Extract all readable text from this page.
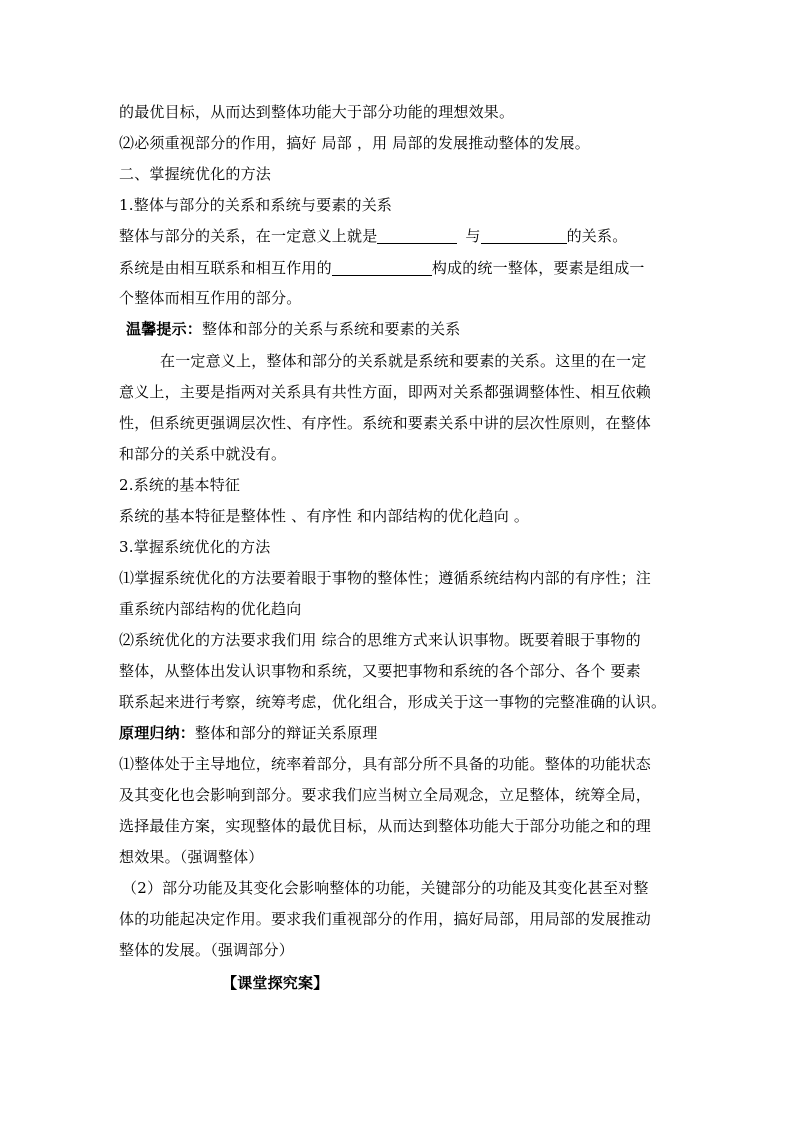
的最优目标，从而达到整体功能大于部分功能的理想效果。
⑵必须重视部分的作用，搞好 局部 ，用 局部的发展推动整体的发展。
二、掌握统优化的方法
1.整体与部分的关系和系统与要素的关系
整体与部分的关系，在一定意义上就是	与	的关系。
系统是由相互联系和相互作用的	构成的统一整体，要素是组成一
个整体而相互作用的部分。
温馨提示：整体和部分的关系与系统和要素的关系
在一定意义上，整体和部分的关系就是系统和要素的关系。这里的在一定
意义上，主要是指两对关系具有共性方面，即两对关系都强调整体性、相互依赖
性，但系统更强调层次性、有序性。系统和要素关系中讲的层次性原则，在整体
和部分的关系中就没有。
2.系统的基本特征
系统的基本特征是整体性 、有序性 和内部结构的优化趋向 。
3.掌握系统优化的方法
⑴掌握系统优化的方法要着眼于事物的整体性；遵循系统结构内部的有序性；注
重系统内部结构的优化趋向
⑵系统优化的方法要求我们用 综合的思维方式来认识事物。既要着眼于事物的
整体，从整体出发认识事物和系统，又要把事物和系统的各个部分、各个 要素
联系起来进行考察，统筹考虑，优化组合，形成关于这一事物的完整准确的认识。
原理归纳：整体和部分的辩证关系原理
⑴整体处于主导地位，统率着部分，具有部分所不具备的功能。整体的功能状态
及其变化也会影响到部分。要求我们应当树立全局观念，立足整体，统筹全局，
选择最佳方案，实现整体的最优目标，从而达到整体功能大于部分功能之和的理
想效果。（强调整体）
（2）部分功能及其变化会影响整体的功能，关键部分的功能及其变化甚至对整
体的功能起决定作用。要求我们重视部分的作用，搞好局部，用局部的发展推动
整体的发展。（强调部分）
【课堂探究案】
